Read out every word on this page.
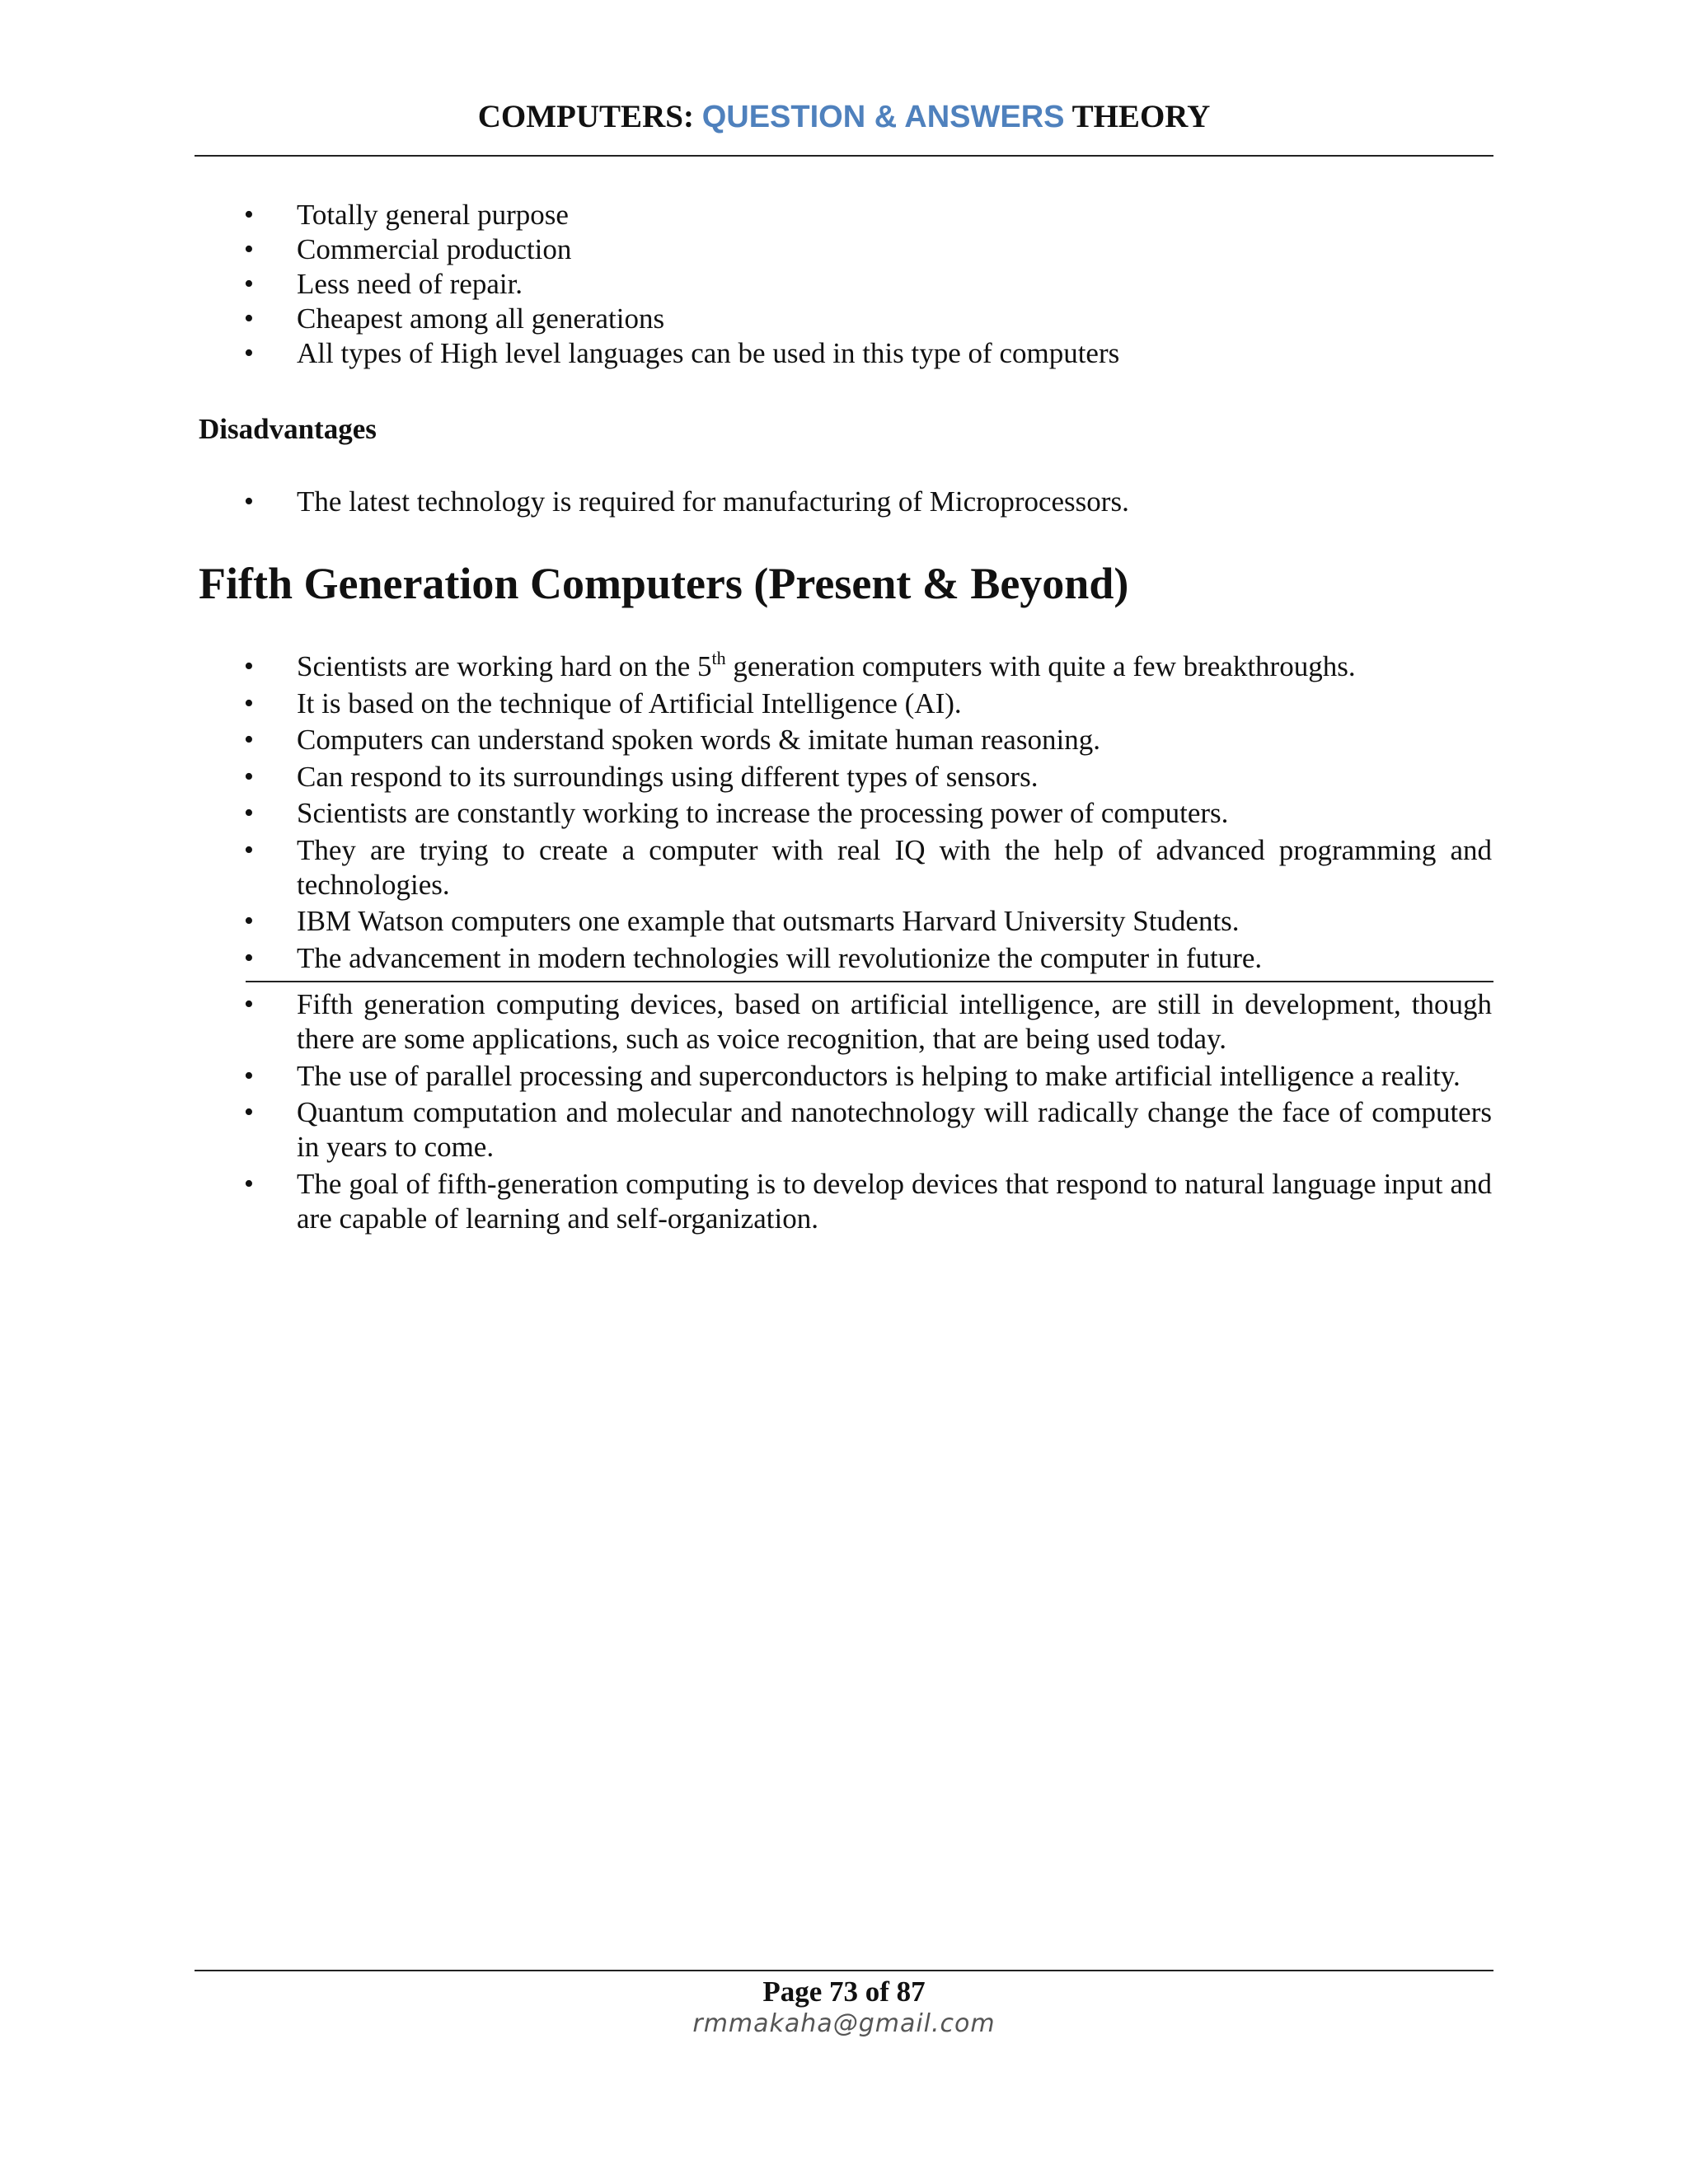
COMPUTERS: QUESTION & ANSWERS THEORY
•	Totally general purpose
•	Commercial production
•	Less need of repair.
•	Cheapest among all generations
•	All types of High level languages can be used in this type of computers
Disadvantages
•	The latest technology is required for manufacturing of Microprocessors.
Fifth Generation Computers (Present & Beyond)
•	Scientists are working hard on the 5th generation computers with quite a few breakthroughs.
•	It is based on the technique of Artificial Intelligence (AI).
•	Computers can understand spoken words & imitate human reasoning.
•	Can respond to its surroundings using different types of sensors.
•	Scientists are constantly working to increase the processing power of computers.
•	They are trying to create a computer with real IQ with the help of advanced programming and technologies.
•	IBM Watson computers one example that outsmarts Harvard University Students.
•	The advancement in modern technologies will revolutionize the computer in future.
•	Fifth generation computing devices, based on artificial intelligence, are still in development, though there are some applications, such as voice recognition, that are being used today.
•	The use of parallel processing and superconductors is helping to make artificial intelligence a reality.
•	Quantum computation and molecular and nanotechnology will radically change the face of computers in years to come.
•	The goal of fifth-generation computing is to develop devices that respond to natural language input and are capable of learning and self-organization.
Page 73 of 87
rmmakaha@gmail.com
